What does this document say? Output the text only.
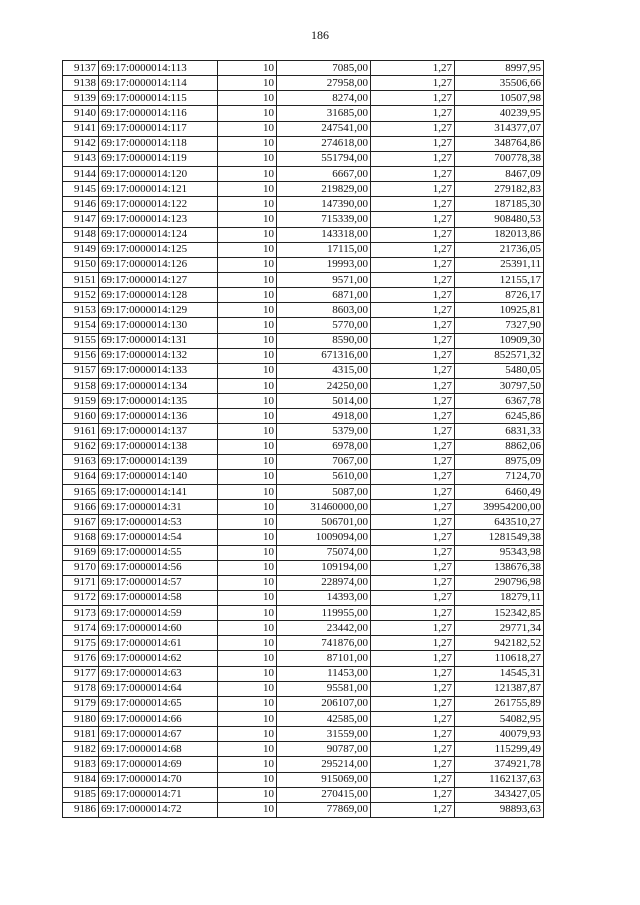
186
9137	69:17:0000014:113	10	7085,00	1,27	8997,95
9138	69:17:0000014:114	10	27958,00	1,27	35506,66
9139	69:17:0000014:115	10	8274,00	1,27	10507,98
9140	69:17:0000014:116	10	31685,00	1,27	40239,95
9141	69:17:0000014:117	10	247541,00	1,27	314377,07
9142	69:17:0000014:118	10	274618,00	1,27	348764,86
9143	69:17:0000014:119	10	551794,00	1,27	700778,38
9144	69:17:0000014:120	10	6667,00	1,27	8467,09
9145	69:17:0000014:121	10	219829,00	1,27	279182,83
9146	69:17:0000014:122	10	147390,00	1,27	187185,30
9147	69:17:0000014:123	10	715339,00	1,27	908480,53
9148	69:17:0000014:124	10	143318,00	1,27	182013,86
9149	69:17:0000014:125	10	17115,00	1,27	21736,05
9150	69:17:0000014:126	10	19993,00	1,27	25391,11
9151	69:17:0000014:127	10	9571,00	1,27	12155,17
9152	69:17:0000014:128	10	6871,00	1,27	8726,17
9153	69:17:0000014:129	10	8603,00	1,27	10925,81
9154	69:17:0000014:130	10	5770,00	1,27	7327,90
9155	69:17:0000014:131	10	8590,00	1,27	10909,30
9156	69:17:0000014:132	10	671316,00	1,27	852571,32
9157	69:17:0000014:133	10	4315,00	1,27	5480,05
9158	69:17:0000014:134	10	24250,00	1,27	30797,50
9159	69:17:0000014:135	10	5014,00	1,27	6367,78
9160	69:17:0000014:136	10	4918,00	1,27	6245,86
9161	69:17:0000014:137	10	5379,00	1,27	6831,33
9162	69:17:0000014:138	10	6978,00	1,27	8862,06
9163	69:17:0000014:139	10	7067,00	1,27	8975,09
9164	69:17:0000014:140	10	5610,00	1,27	7124,70
9165	69:17:0000014:141	10	5087,00	1,27	6460,49
9166	69:17:0000014:31	10	31460000,00	1,27	39954200,00
9167	69:17:0000014:53	10	506701,00	1,27	643510,27
9168	69:17:0000014:54	10	1009094,00	1,27	1281549,38
9169	69:17:0000014:55	10	75074,00	1,27	95343,98
9170	69:17:0000014:56	10	109194,00	1,27	138676,38
9171	69:17:0000014:57	10	228974,00	1,27	290796,98
9172	69:17:0000014:58	10	14393,00	1,27	18279,11
9173	69:17:0000014:59	10	119955,00	1,27	152342,85
9174	69:17:0000014:60	10	23442,00	1,27	29771,34
9175	69:17:0000014:61	10	741876,00	1,27	942182,52
9176	69:17:0000014:62	10	87101,00	1,27	110618,27
9177	69:17:0000014:63	10	11453,00	1,27	14545,31
9178	69:17:0000014:64	10	95581,00	1,27	121387,87
9179	69:17:0000014:65	10	206107,00	1,27	261755,89
9180	69:17:0000014:66	10	42585,00	1,27	54082,95
9181	69:17:0000014:67	10	31559,00	1,27	40079,93
9182	69:17:0000014:68	10	90787,00	1,27	115299,49
9183	69:17:0000014:69	10	295214,00	1,27	374921,78
9184	69:17:0000014:70	10	915069,00	1,27	1162137,63
9185	69:17:0000014:71	10	270415,00	1,27	343427,05
9186	69:17:0000014:72	10	77869,00	1,27	98893,63
